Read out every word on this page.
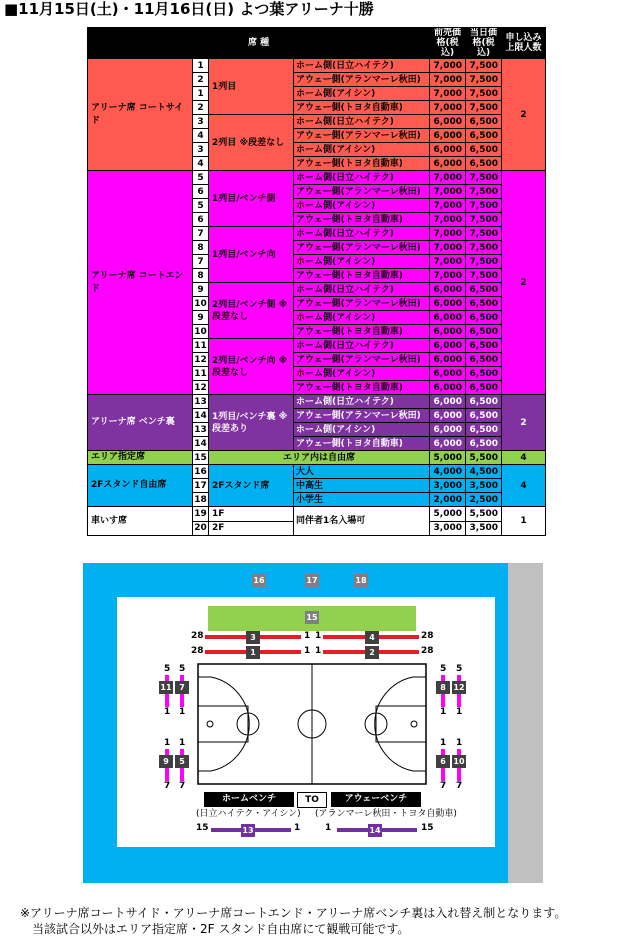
■11月15日(土)・11月16日(日) よつ葉アリーナ十勝
席 種				前売価格(税込)	当日価格(税込)	申し込み上限人数
アリーナ席 コートサイド	1	1列目	ホーム側(日立ハイテク)	7,000	7,500	2
	2		アウェー側(アランマーレ秋田)	7,000	7,500	
	1		ホーム側(アイシン)	7,000	7,500	
	2		アウェー側(トヨタ自動車)	7,000	7,500	
	3	2列目 ※段差なし	ホーム側(日立ハイテク)	6,000	6,500	
	4		アウェー側(アランマーレ秋田)	6,000	6,500	
	3		ホーム側(アイシン)	6,000	6,500	
	4		アウェー側(トヨタ自動車)	6,000	6,500	
アリーナ席 コートエンド	5	1列目/ベンチ側	ホーム側(日立ハイテク)	7,000	7,500	2
	6		アウェー側(アランマーレ秋田)	7,000	7,500	
	5		ホーム側(アイシン)	7,000	7,500	
	6		アウェー側(トヨタ自動車)	7,000	7,500	
	7	1列目/ベンチ向	ホーム側(日立ハイテク)	7,000	7,500	
	8		アウェー側(アランマーレ秋田)	7,000	7,500	
	7		ホーム側(アイシン)	7,000	7,500	
	8		アウェー側(トヨタ自動車)	7,000	7,500	
	9	2列目/ベンチ側 ※段差なし	ホーム側(日立ハイテク)	6,000	6,500	
	10		アウェー側(アランマーレ秋田)	6,000	6,500	
	9		ホーム側(アイシン)	6,000	6,500	
	10		アウェー側(トヨタ自動車)	6,000	6,500	
	11	2列目/ベンチ向 ※段差なし	ホーム側(日立ハイテク)	6,000	6,500	
	12		アウェー側(アランマーレ秋田)	6,000	6,500	
	11		ホーム側(アイシン)	6,000	6,500	
	12		アウェー側(トヨタ自動車)	6,000	6,500	
アリーナ席 ベンチ裏	13	1列目/ベンチ裏 ※段差あり	ホーム側(日立ハイテク)	6,000	6,500	2
	14		アウェー側(アランマーレ秋田)	6,000	6,500	
	13		ホーム側(アイシン)	6,000	6,500	
	14		アウェー側(トヨタ自動車)	6,000	6,500	
エリア指定席	15	エリア内は自由席		5,000	5,500	4
2Fスタンド自由席	16	2Fスタンド席	大人	4,000	4,500	4
	17		中高生	3,000	3,500	
	18		小学生	2,000	2,500	
車いす席	19	1F	同伴者1名入場可	5,000	5,500	1
	20	2F		3,000	3,500	
16	17	18
15
28	3	1 1	4	28
28	1	1 1	2	28
5 5
11 7
1 1
5 5
8 12
1 1
1 1
9	5
7 7
1 1
6 10
7 7
ホームベンチ	TO	アウェーベンチ
(日立ハイテク・アイシン) (アランマーレ秋田・トヨタ自動車)
15	13	1	1	14	15
※アリーナ席コートサイド・アリーナ席コートエンド・アリーナ席ベンチ裏は入れ替え制となります。
当該試合以外はエリア指定席・2F スタンド自由席にて観戦可能です。
